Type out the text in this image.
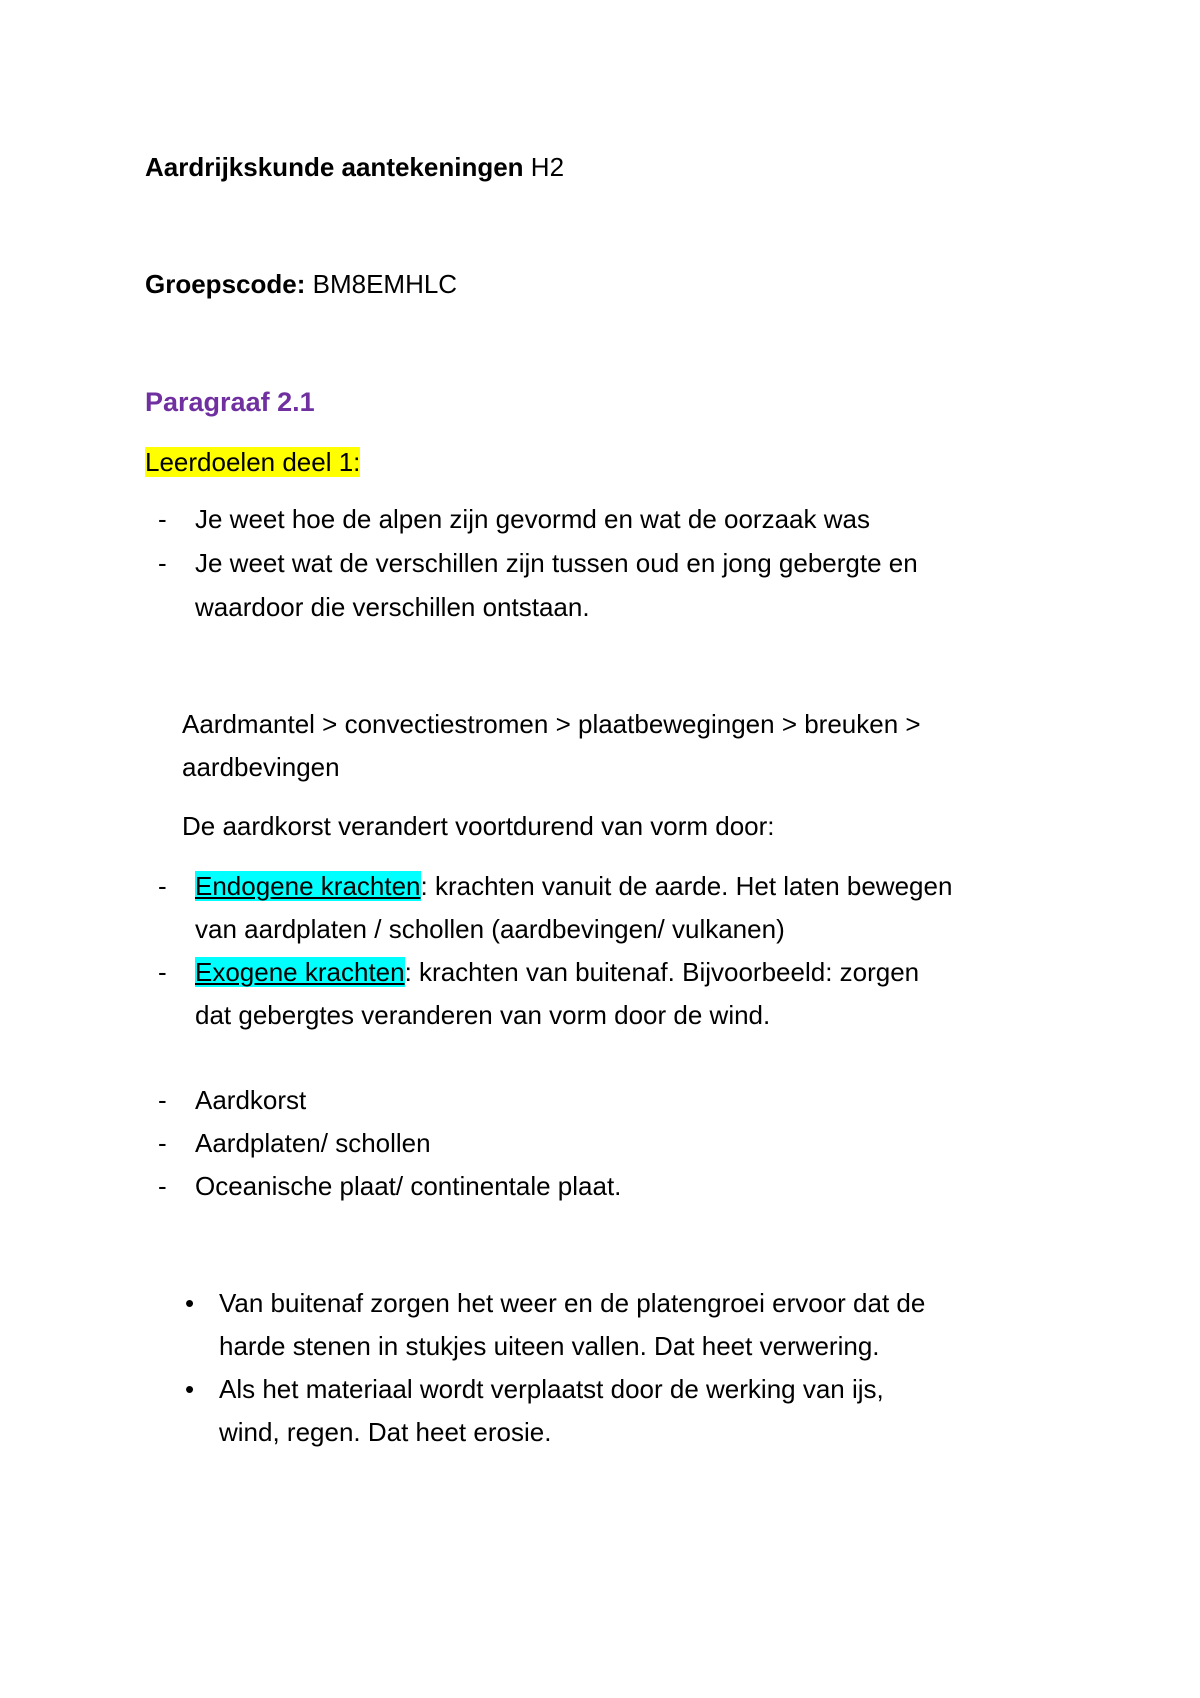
Aardrijkskunde aantekeningen H2
Groepscode: BM8EMHLC
Paragraaf 2.1
Leerdoelen deel 1:
- Je weet hoe de alpen zijn gevormd en wat de oorzaak was
- Je weet wat de verschillen zijn tussen oud en jong gebergte en
waardoor die verschillen ontstaan.
Aardmantel > convectiestromen > plaatbewegingen > breuken >
aardbevingen
De aardkorst verandert voortdurend van vorm door:
- Endogene krachten: krachten vanuit de aarde. Het laten bewegen
van aardplaten / schollen (aardbevingen/ vulkanen)
- Exogene krachten: krachten van buitenaf. Bijvoorbeeld: zorgen
dat gebergtes veranderen van vorm door de wind.
- Aardkorst
- Aardplaten/ schollen
- Oceanische plaat/ continentale plaat.
• Van buitenaf zorgen het weer en de platengroei ervoor dat de
harde stenen in stukjes uiteen vallen. Dat heet verwering.
• Als het materiaal wordt verplaatst door de werking van ijs,
wind, regen. Dat heet erosie.
